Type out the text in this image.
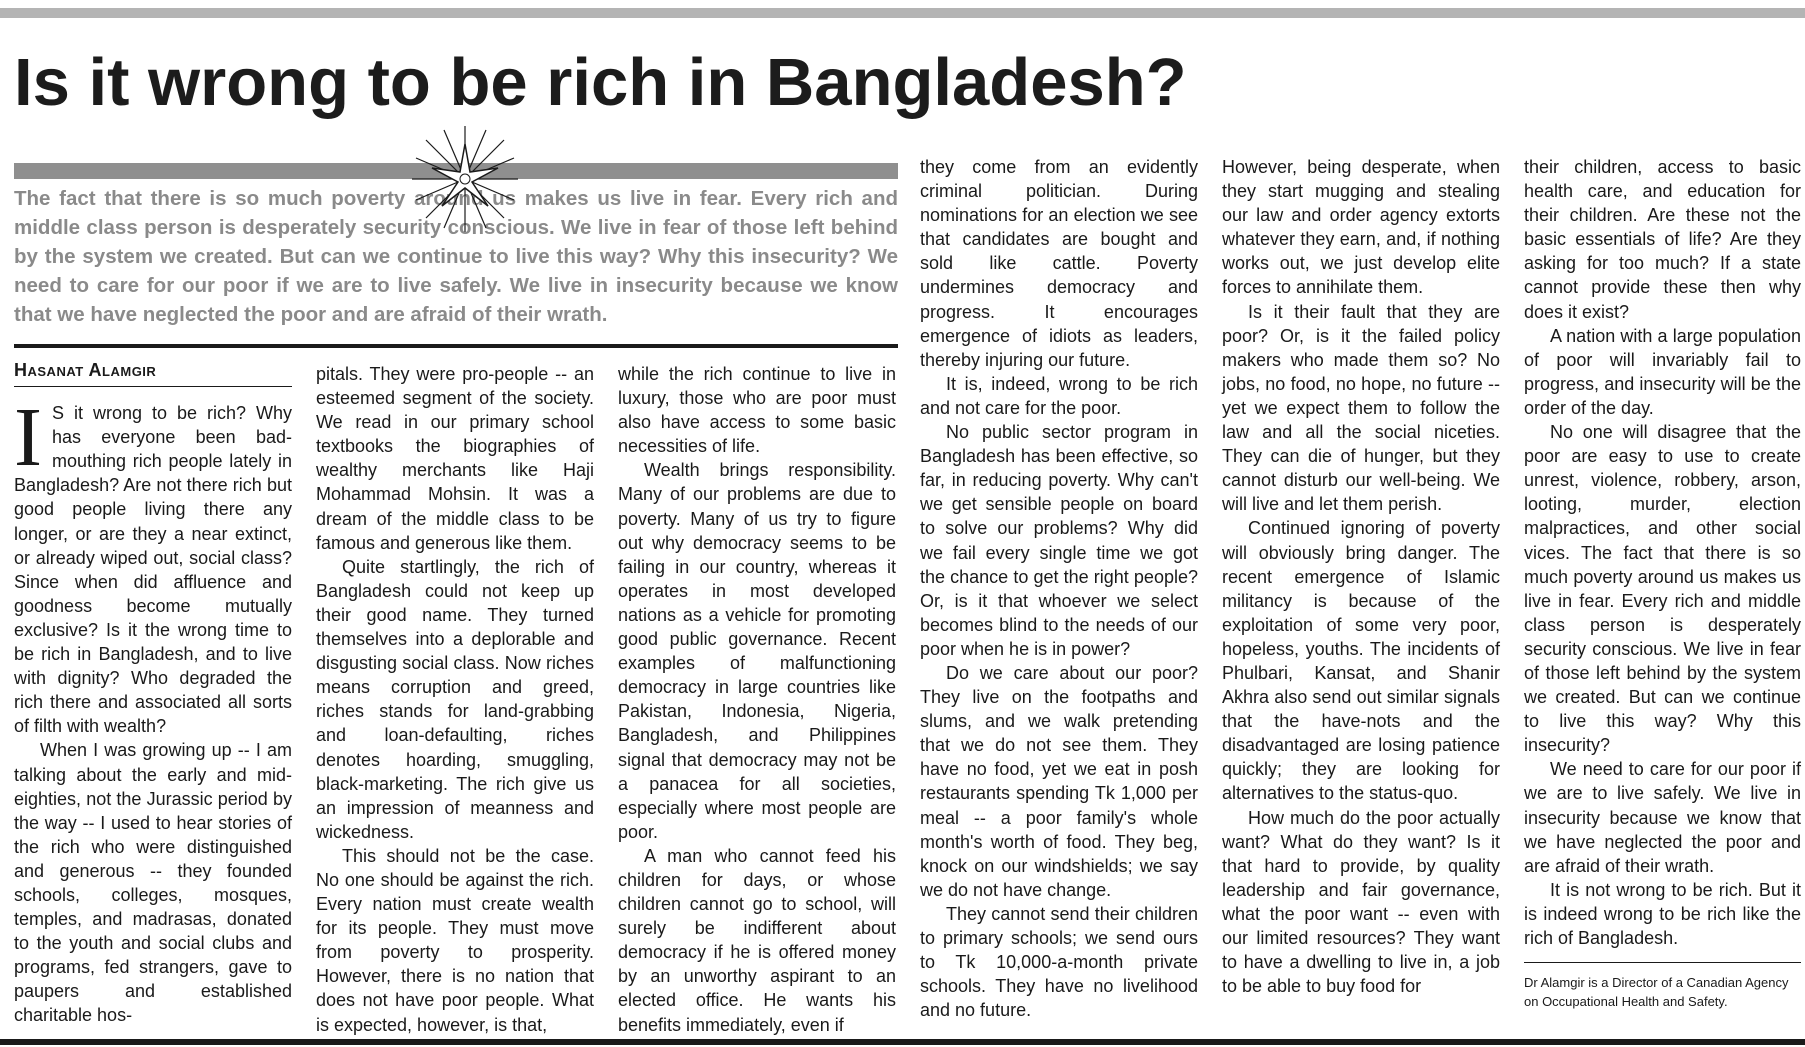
Is it wrong to be rich in Bangladesh?
The fact that there is so much poverty around us makes us live in fear. Every rich and middle class person is desperately security conscious. We live in fear of those left behind by the system we created. But can we continue to live this way? Why this insecurity? We need to care for our poor if we are to live safely. We live in insecurity because we know that we have neglected the poor and are afraid of their wrath.
Hasanat Alamgir

I S it wrong to be rich? Why has everyone been bad-mouthing rich people lately in Bangladesh? Are not there rich but good people living there any longer, or are they a near extinct, or already wiped out, social class? Since when did affluence and goodness become mutually exclusive? Is it the wrong time to be rich in Bangladesh, and to live with dignity? Who degraded the rich there and associated all sorts of filth with wealth?

When I was growing up -- I am talking about the early and mid-eighties, not the Jurassic period by the way -- I used to hear stories of the rich who were distinguished and generous -- they founded schools, colleges, mosques, temples, and madrasas, donated to the youth and social clubs and programs, fed strangers, gave to paupers and established charitable hos-

pitals. They were pro-people -- an esteemed segment of the society. We read in our primary school textbooks the biographies of wealthy merchants like Haji Mohammad Mohsin. It was a dream of the middle class to be famous and generous like them.

Quite startlingly, the rich of Bangladesh could not keep up their good name. They turned themselves into a deplorable and disgusting social class. Now riches means corruption and greed, riches stands for land-grabbing and loan-defaulting, riches denotes hoarding, smuggling, black-marketing. The rich give us an impression of meanness and wickedness.

This should not be the case. No one should be against the rich. Every nation must create wealth for its people. They must move from poverty to prosperity. However, there is no nation that does not have poor people. What is expected, however, is that,

while the rich continue to live in luxury, those who are poor must also have access to some basic necessities of life.

Wealth brings responsibility. Many of our problems are due to poverty. Many of us try to figure out why democracy seems to be failing in our country, whereas it operates in most developed nations as a vehicle for promoting good public governance. Recent examples of malfunctioning democracy in large countries like Pakistan, Indonesia, Nigeria, Bangladesh, and Philippines signal that democracy may not be a panacea for all societies, especially where most people are poor.

A man who cannot feed his children for days, or whose children cannot go to school, will surely be indifferent about democracy if he is offered money by an unworthy aspirant to an elected office. He wants his benefits immediately, even if

they come from an evidently criminal politician. During nominations for an election we see that candidates are bought and sold like cattle. Poverty undermines democracy and progress. It encourages emergence of idiots as leaders, thereby injuring our future.

It is, indeed, wrong to be rich and not care for the poor.

No public sector program in Bangladesh has been effective, so far, in reducing poverty. Why can't we get sensible people on board to solve our problems? Why did we fail every single time we got the chance to get the right people? Or, is it that whoever we select becomes blind to the needs of our poor when he is in power?

Do we care about our poor? They live on the footpaths and slums, and we walk pretending that we do not see them. They have no food, yet we eat in posh restaurants spending Tk 1,000 per meal -- a poor family's whole month's worth of food. They beg, knock on our windshields; we say we do not have change.

They cannot send their children to primary schools; we send ours to Tk 10,000-a-month private schools. They have no livelihood and no future.

However, being desperate, when they start mugging and stealing our law and order agency extorts whatever they earn, and, if nothing works out, we just develop elite forces to annihilate them.

Is it their fault that they are poor? Or, is it the failed policy makers who made them so? No jobs, no food, no hope, no future -- yet we expect them to follow the law and all the social niceties. They can die of hunger, but they cannot disturb our well-being. We will live and let them perish.

Continued ignoring of poverty will obviously bring danger. The recent emergence of Islamic militancy is because of the exploitation of some very poor, hopeless, youths. The incidents of Phulbari, Kansat, and Shanir Akhra also send out similar signals that the have-nots and the disadvantaged are losing patience quickly; they are looking for alternatives to the status-quo.

How much do the poor actually want? What do they want? Is it that hard to provide, by quality leadership and fair governance, what the poor want -- even with our limited resources? They want to have a dwelling to live in, a job to be able to buy food for

their children, access to basic health care, and education for their children. Are these not the basic essentials of life? Are they asking for too much? If a state cannot provide these then why does it exist?

A nation with a large population of poor will invariably fail to progress, and insecurity will be the order of the day.

No one will disagree that the poor are easy to use to create unrest, violence, robbery, arson, looting, murder, election malpractices, and other social vices. The fact that there is so much poverty around us makes us live in fear. Every rich and middle class person is desperately security conscious. We live in fear of those left behind by the system we created. But can we continue to live this way? Why this insecurity?

We need to care for our poor if we are to live safely. We live in insecurity because we know that we have neglected the poor and are afraid of their wrath.

It is not wrong to be rich. But it is indeed wrong to be rich like the rich of Bangladesh.

Dr Alamgir is a Director of a Canadian Agency on Occupational Health and Safety.
